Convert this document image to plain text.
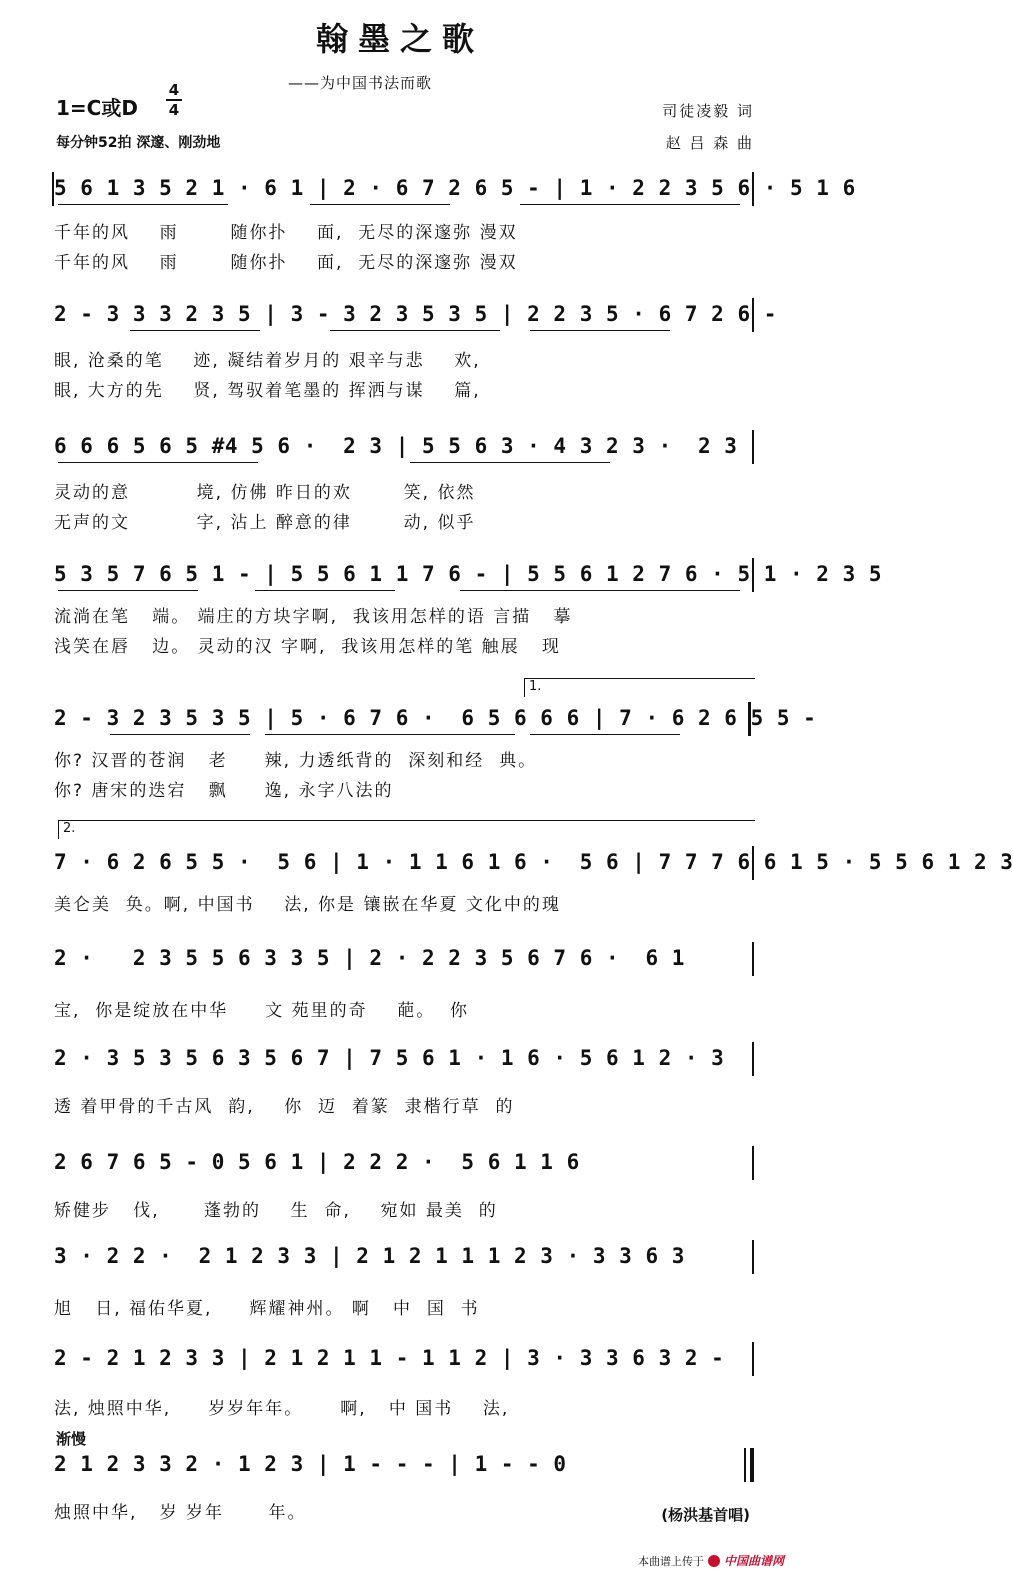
翰墨之歌
——为中国书法而歌
1=C或D
4
4
每分钟52拍 深邃、刚劲地
司徒凌毅 词
赵 吕 森 曲
5 6 1 3 5 2 1 · 6 1 | 2 · 6 7 2 6 5 - | 1 · 2 2 3 5 6 · 5 1 6
千年的风    雨       随你扑    面,  无尽的深邃弥 漫双
千年的风    雨       随你扑    面,  无尽的深邃弥 漫双
2 - 3 3 3 2 3 5 | 3 - 3 2 3 5 3 5 | 2 2 3 5 · 6 7 2 6 -
眼, 沧桑的笔    迹, 凝结着岁月的 艰辛与悲    欢,
眼, 大方的先    贤, 驾驭着笔墨的 挥洒与谋    篇,
6 6 6 5 6 5 #4 5 6 ·  2 3 | 5 5 6 3 · 4 3 2 3 ·  2 3
灵动的意         境, 仿佛 昨日的欢       笑, 依然
无声的文         字, 沾上 醉意的律       动, 似乎
5 3 5 7 6 5 1 - | 5 5 6 1 1 7 6 - | 5 5 6 1 2 7 6 · 5 1 · 2 3 5
流淌在笔   端。 端庄的方块字啊,  我该用怎样的语 言描   摹
浅笑在唇   边。 灵动的汉 字啊,  我该用怎样的笔 触展   现
1.
2 - 3 2 3 5 3 5 | 5 · 6 7 6 ·  6 5 6 6 6 | 7 · 6 2 6 5 5 -
你? 汉晋的苍润   老     辣, 力透纸背的  深刻和经  典。
你? 唐宋的迭宕   飘     逸, 永字八法的
2.
7 · 6 2 6 5 5 ·  5 6 | 1 · 1 1 6 1 6 ·  5 6 | 7 7 7 6 6 1 5 · 5 5 6 1 2 3
美仑美  奂。啊, 中国书    法, 你是 镶嵌在华夏 文化中的瑰
2 ·   2 3 5 5 6 3 3 5 | 2 · 2 2 3 5 6 7 6 ·  6 1
宝,  你是绽放在中华     文 苑里的奇    葩。  你
2 · 3 5 3 5 6 3 5 6 7 | 7 5 6 1 · 1 6 · 5 6 1 2 · 3
透 着甲骨的千古风  韵,    你  迈  着篆  隶楷行草  的
2 6 7 6 5 - 0 5 6 1 | 2 2 2 ·  5 6 1 1 6
矫健步   伐,      蓬勃的    生  命,    宛如 最美  的
3 · 2 2 ·  2 1 2 3 3 | 2 1 2 1 1 1 2 3 · 3 3 6 3
旭   日, 福佑华夏,     辉耀神州。 啊   中  国  书
2 - 2 1 2 3 3 | 2 1 2 1 1 - 1 1 2 | 3 · 3 3 6 3 2 -
法, 烛照中华,     岁岁年年。     啊,   中 国书    法,
渐慢
2 1 2 3 3 2 · 1 2 3 | 1 - - - | 1 - - 0
烛照中华,   岁 岁年      年。	(杨洪基首唱)
本曲谱上传于 中国曲谱网
